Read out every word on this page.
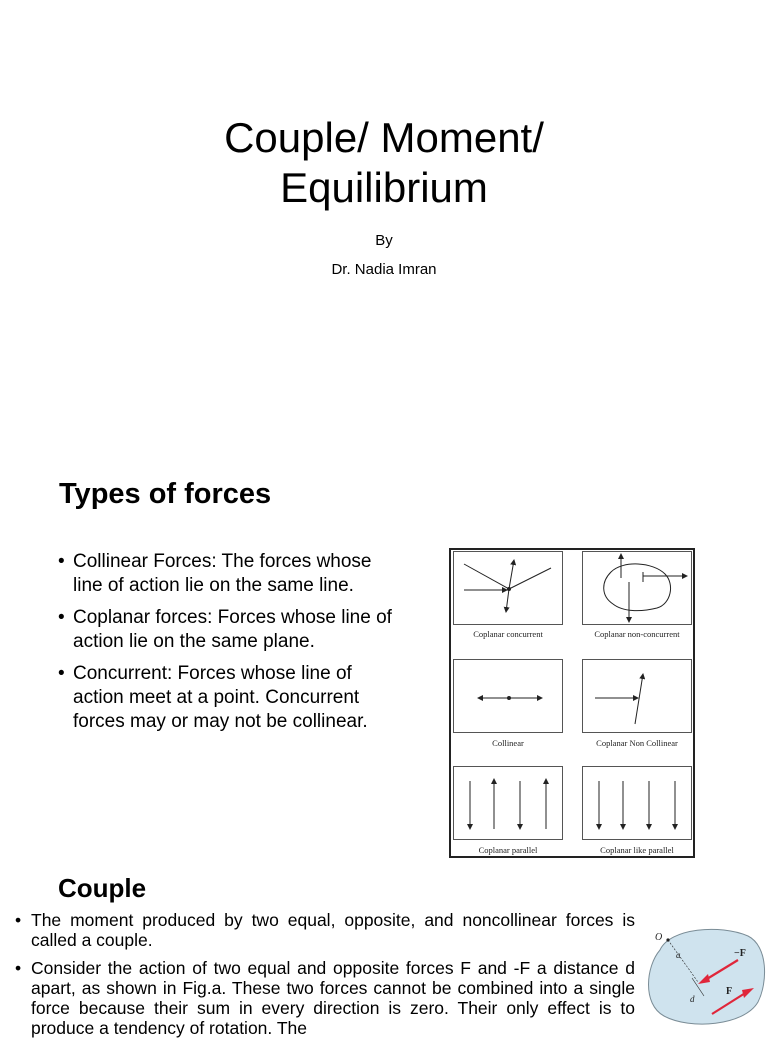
Couple/ Moment/
Equilibrium
By
Dr. Nadia Imran
Types of forces
• Collinear Forces: The forces whose line of action lie on the same line.
• Coplanar forces: Forces whose line of action lie on the same plane.
• Concurrent: Forces whose line of action meet at a point. Concurrent forces may or may not be collinear.
Coplanar concurrent	Coplanar non-concurrent
Collinear	Coplanar Non Collinear
Coplanar parallel	Coplanar like parallel
Couple
• The moment produced by two equal, opposite, and noncollinear forces is called a couple.
• Consider the action of two equal and opposite forces F and -F a distance d apart, as shown in Fig.a. These two forces cannot be combined into a single force because their sum in every direction is zero. Their only effect is to produce a tendency of rotation. The
O
a
d
−F
F
